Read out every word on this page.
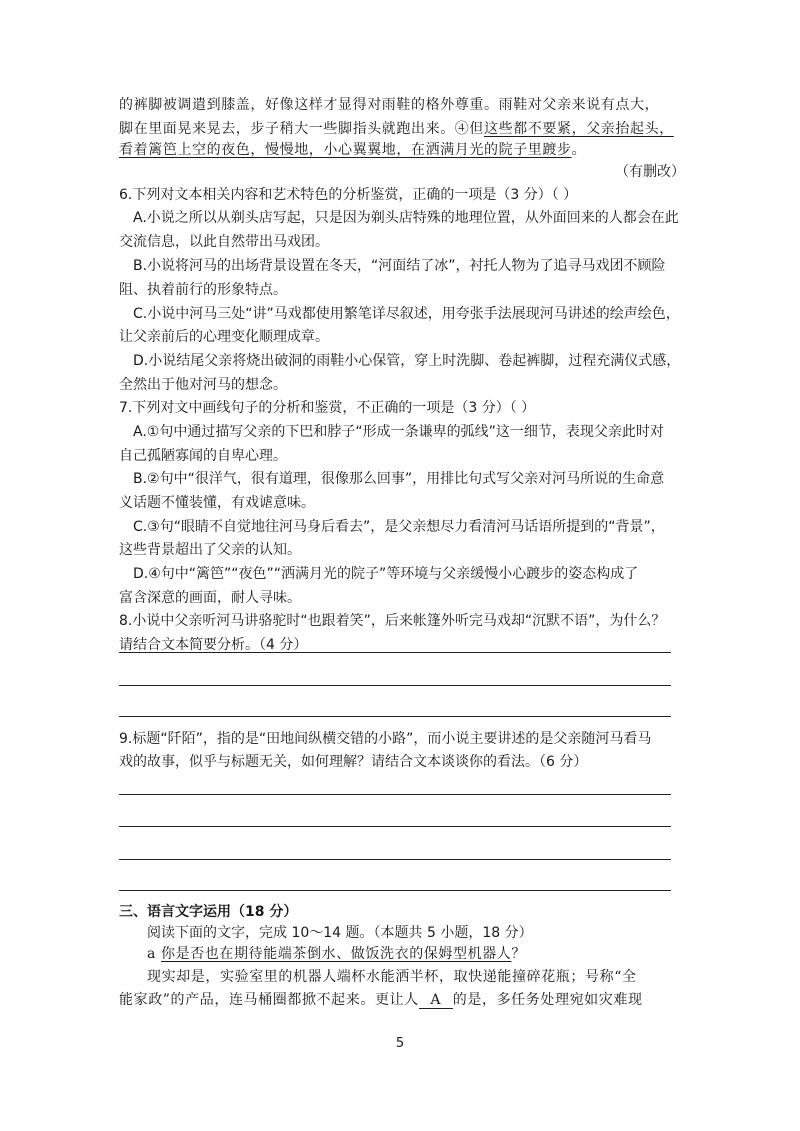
的裤脚被调遣到膝盖，好像这样才显得对雨鞋的格外尊重。雨鞋对父亲来说有点大，
脚在里面晃来晃去，步子稍大一些脚指头就跑出来。④但这些都不要紧，父亲抬起头，
看着篱笆上空的夜色，慢慢地，小心翼翼地，在洒满月光的院子里踱步。
（有删改）
6.下列对文本相关内容和艺术特色的分析鉴赏，正确的一项是（3 分）（ ）
A.小说之所以从剃头店写起，只是因为剃头店特殊的地理位置，从外面回来的人都会在此
交流信息，以此自然带出马戏团。
B.小说将河马的出场背景设置在冬天，“河面结了冰”，衬托人物为了追寻马戏团不顾险
阻、执着前行的形象特点。
C.小说中河马三处“讲”马戏都使用繁笔详尽叙述，用夸张手法展现河马讲述的绘声绘色，
让父亲前后的心理变化顺理成章。
D.小说结尾父亲将烧出破洞的雨鞋小心保管，穿上时洗脚、卷起裤脚，过程充满仪式感，
全然出于他对河马的想念。
7.下列对文中画线句子的分析和鉴赏，不正确的一项是（3 分）（ ）
A.①句中通过描写父亲的下巴和脖子“形成一条谦卑的弧线”这一细节，表现父亲此时对
自己孤陋寡闻的自卑心理。
B.②句中“很洋气，很有道理，很像那么回事”，用排比句式写父亲对河马所说的生命意
义话题不懂装懂，有戏谑意味。
C.③句“眼睛不自觉地往河马身后看去”，是父亲想尽力看清河马话语所提到的“背景”，
这些背景超出了父亲的认知。
D.④句中“篱笆”“夜色”“洒满月光的院子”等环境与父亲缓慢小心踱步的姿态构成了
富含深意的画面，耐人寻味。
8.小说中父亲听河马讲骆驼时“也跟着笑”，后来帐篷外听完马戏却“沉默不语”，为什么？
请结合文本简要分析。（4 分）
9.标题“阡陌”，指的是“田地间纵横交错的小路”，而小说主要讲述的是父亲随河马看马
戏的故事，似乎与标题无关，如何理解？请结合文本谈谈你的看法。（6 分）
三、语言文字运用（18 分）
阅读下面的文字，完成 10～14 题。（本题共 5 小题，18 分）
a 你是否也在期待能端茶倒水、做饭洗衣的保姆型机器人？
现实却是，实验室里的机器人端杯水能洒半杯，取快递能撞碎花瓶；号称“全
能家政”的产品，连马桶圈都掀不起来。更让人 A 的是，多任务处理宛如灾难现
5
